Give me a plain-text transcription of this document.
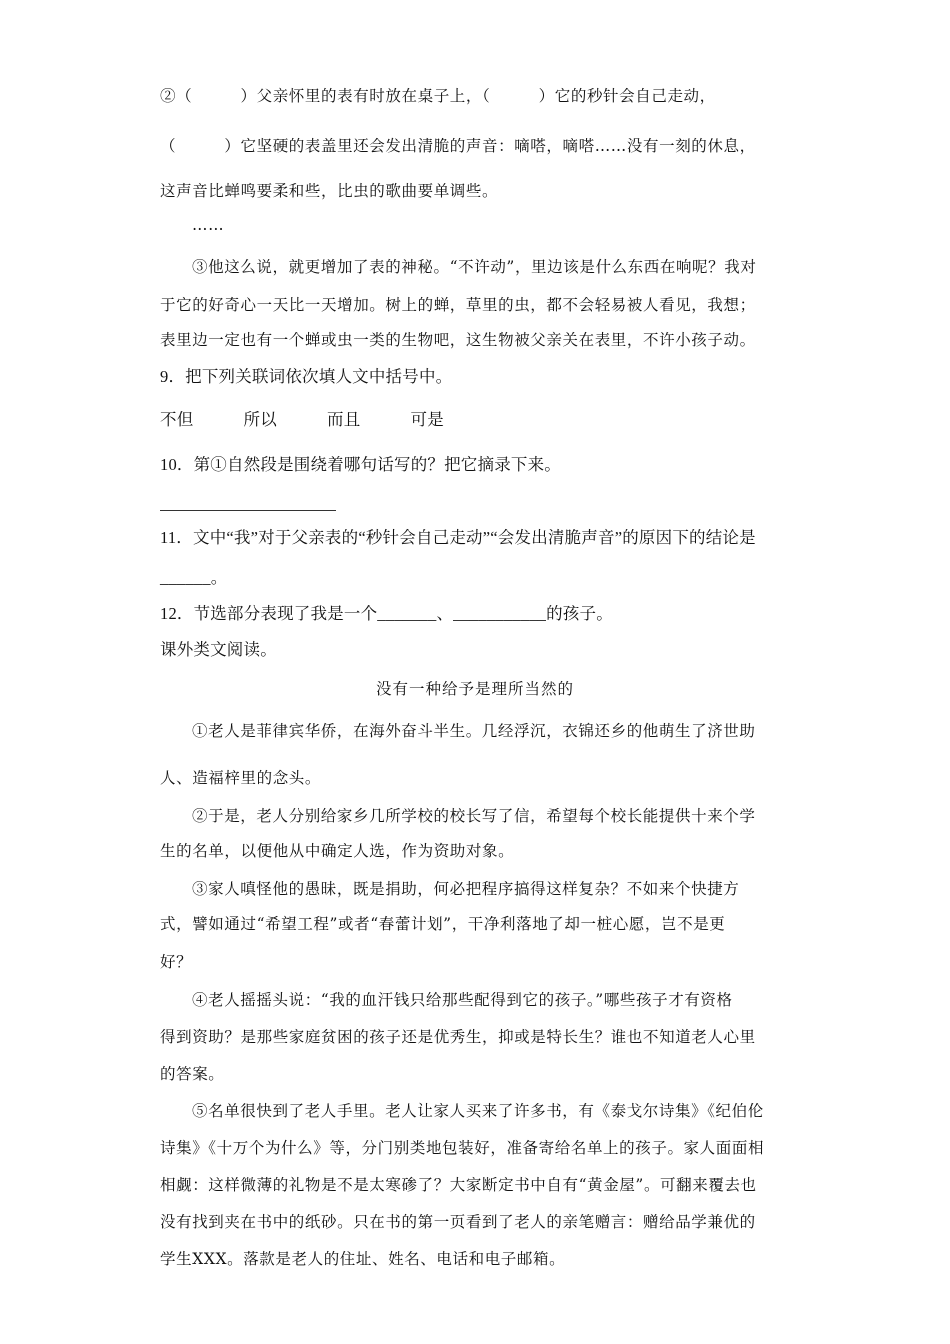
②（　　　）父亲怀里的表有时放在桌子上，（　　　）它的秒针会自己走动，
（　　　）它坚硬的表盖里还会发出清脆的声音：嘀嗒，嘀嗒……没有一刻的休息，
这声音比蝉鸣要柔和些，比虫的歌曲要单调些。
……
③他这么说，就更增加了表的神秘。“不许动”，里边该是什么东西在响呢？我对
于它的好奇心一天比一天增加。树上的蝉，草里的虫，都不会轻易被人看见，我想；
表里边一定也有一个蝉或虫一类的生物吧，这生物被父亲关在表里，不许小孩子动。
9．把下列关联词依次填人文中括号中。
不但　　　所以　　　而且　　　可是
10．第①自然段是围绕着哪句话写的？把它摘录下来。
11．文中“我”对于父亲表的“秒针会自己走动”“会发出清脆声音”的原因下的结论是
______。
12．节选部分表现了我是一个_______、___________的孩子。
课外类文阅读。
没有一种给予是理所当然的
①老人是菲律宾华侨，在海外奋斗半生。几经浮沉，衣锦还乡的他萌生了济世助
人、造福梓里的念头。
②于是，老人分别给家乡几所学校的校长写了信，希望每个校长能提供十来个学
生的名单，以便他从中确定人选，作为资助对象。
③家人嗔怪他的愚昧，既是捐助，何必把程序搞得这样复杂？不如来个快捷方
式，譬如通过“希望工程”或者“春蕾计划”，干净利落地了却一桩心愿，岂不是更
好？
④老人摇摇头说：“我的血汗钱只给那些配得到它的孩子。”哪些孩子才有资格
得到资助？是那些家庭贫困的孩子还是优秀生，抑或是特长生？谁也不知道老人心里
的答案。
⑤名单很快到了老人手里。老人让家人买来了许多书，有《泰戈尔诗集》《纪伯伦
诗集》《十万个为什么》等，分门别类地包装好，准备寄给名单上的孩子。家人面面相
相觑：这样微薄的礼物是不是太寒碜了？大家断定书中自有“黄金屋”。可翻来覆去也
没有找到夹在书中的纸砂。只在书的第一页看到了老人的亲笔赠言：赠给品学兼优的
学生XXX。落款是老人的住址、姓名、电话和电子邮箱。
